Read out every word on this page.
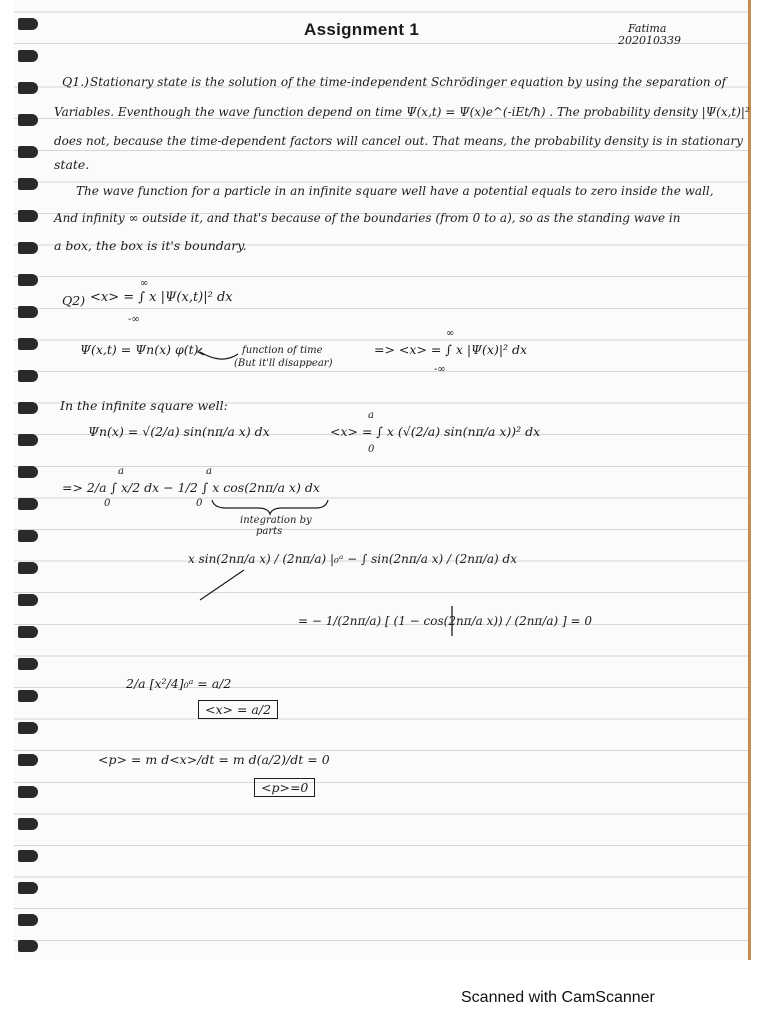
Assignment 1	Fatima
202010339
Q1.) Stationary state is the solution of the time-independent Schrödinger equation by using the separation of
Variables. Eventhough the wave function depend on time Ψ(x,t) = Ψ(x)e^(-iEt/ħ) . The probability density |Ψ(x,t)|²
does not, because the time-dependent factors will cancel out. That means, the probability density is in stationary
state.
The wave function for a particle in an infinite square well have a potential equals to zero inside the wall,
And infinity ∞ outside it, and that's because of the boundaries (from 0 to a), so as the standing wave in
a box, the box is it's boundary.
Q2) <x> = ∫ x |Ψ(x,t)|² dx
∞
-∞
Ψ(x,t) = Ψn(x) φ(t)	function of time
(But it'll disappear)
=> <x> = ∫ x |Ψ(x)|² dx
∞
-∞
In the infinite square well:
Ψn(x) = √(2/a) sin(nπ/a x) dx	<x> = ∫ x (√(2/a) sin(nπ/a x))² dx
a
0
=> 2/a ∫ x/2 dx − 1/2 ∫ x cos(2nπ/a x) dx
a
0
a
0
integration by
parts
x sin(2nπ/a x) / (2nπ/a) |₀ᵃ − ∫ sin(2nπ/a x) / (2nπ/a) dx
= − 1/(2nπ/a) [ (1 − cos(2nπ/a x)) / (2nπ/a) ] = 0
2/a [x²/4]₀ᵃ = a/2
<x> = a/2
<p> = m d<x>/dt = m d(a/2)/dt = 0
<p>=0
Scanned with CamScanner
